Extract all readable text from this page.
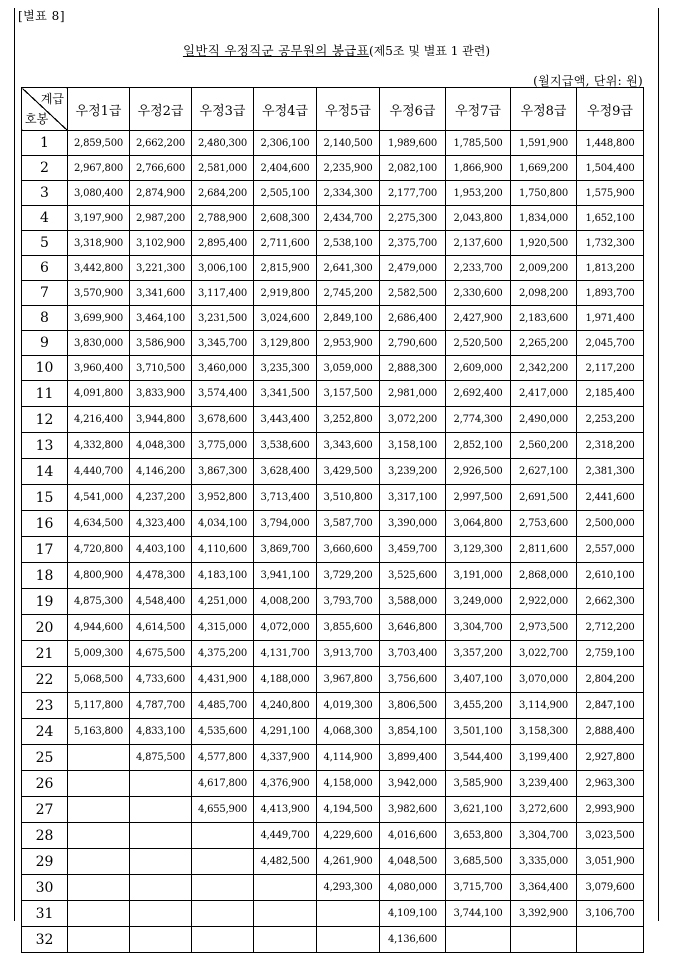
[별표 8]
일반직 우정직군 공무원의 봉급표(제5조 및 별표 1 관련)
(월지급액, 단위: 원)
계급
호봉	우정1급	우정2급	우정3급	우정4급	우정5급	우정6급	우정7급	우정8급	우정9급
1	2,859,500	2,662,200	2,480,300	2,306,100	2,140,500	1,989,600	1,785,500	1,591,900	1,448,800
2	2,967,800	2,766,600	2,581,000	2,404,600	2,235,900	2,082,100	1,866,900	1,669,200	1,504,400
3	3,080,400	2,874,900	2,684,200	2,505,100	2,334,300	2,177,700	1,953,200	1,750,800	1,575,900
4	3,197,900	2,987,200	2,788,900	2,608,300	2,434,700	2,275,300	2,043,800	1,834,000	1,652,100
5	3,318,900	3,102,900	2,895,400	2,711,600	2,538,100	2,375,700	2,137,600	1,920,500	1,732,300
6	3,442,800	3,221,300	3,006,100	2,815,900	2,641,300	2,479,000	2,233,700	2,009,200	1,813,200
7	3,570,900	3,341,600	3,117,400	2,919,800	2,745,200	2,582,500	2,330,600	2,098,200	1,893,700
8	3,699,900	3,464,100	3,231,500	3,024,600	2,849,100	2,686,400	2,427,900	2,183,600	1,971,400
9	3,830,000	3,586,900	3,345,700	3,129,800	2,953,900	2,790,600	2,520,500	2,265,200	2,045,700
10	3,960,400	3,710,500	3,460,000	3,235,300	3,059,000	2,888,300	2,609,000	2,342,200	2,117,200
11	4,091,800	3,833,900	3,574,400	3,341,500	3,157,500	2,981,000	2,692,400	2,417,000	2,185,400
12	4,216,400	3,944,800	3,678,600	3,443,400	3,252,800	3,072,200	2,774,300	2,490,000	2,253,200
13	4,332,800	4,048,300	3,775,000	3,538,600	3,343,600	3,158,100	2,852,100	2,560,200	2,318,200
14	4,440,700	4,146,200	3,867,300	3,628,400	3,429,500	3,239,200	2,926,500	2,627,100	2,381,300
15	4,541,000	4,237,200	3,952,800	3,713,400	3,510,800	3,317,100	2,997,500	2,691,500	2,441,600
16	4,634,500	4,323,400	4,034,100	3,794,000	3,587,700	3,390,000	3,064,800	2,753,600	2,500,000
17	4,720,800	4,403,100	4,110,600	3,869,700	3,660,600	3,459,700	3,129,300	2,811,600	2,557,000
18	4,800,900	4,478,300	4,183,100	3,941,100	3,729,200	3,525,600	3,191,000	2,868,000	2,610,100
19	4,875,300	4,548,400	4,251,000	4,008,200	3,793,700	3,588,000	3,249,000	2,922,000	2,662,300
20	4,944,600	4,614,500	4,315,000	4,072,000	3,855,600	3,646,800	3,304,700	2,973,500	2,712,200
21	5,009,300	4,675,500	4,375,200	4,131,700	3,913,700	3,703,400	3,357,200	3,022,700	2,759,100
22	5,068,500	4,733,600	4,431,900	4,188,000	3,967,800	3,756,600	3,407,100	3,070,000	2,804,200
23	5,117,800	4,787,700	4,485,700	4,240,800	4,019,300	3,806,500	3,455,200	3,114,900	2,847,100
24	5,163,800	4,833,100	4,535,600	4,291,100	4,068,300	3,854,100	3,501,100	3,158,300	2,888,400
25		4,875,500	4,577,800	4,337,900	4,114,900	3,899,400	3,544,400	3,199,400	2,927,800
26			4,617,800	4,376,900	4,158,000	3,942,000	3,585,900	3,239,400	2,963,300
27			4,655,900	4,413,900	4,194,500	3,982,600	3,621,100	3,272,600	2,993,900
28				4,449,700	4,229,600	4,016,600	3,653,800	3,304,700	3,023,500
29				4,482,500	4,261,900	4,048,500	3,685,500	3,335,000	3,051,900
30					4,293,300	4,080,000	3,715,700	3,364,400	3,079,600
31						4,109,100	3,744,100	3,392,900	3,106,700
32						4,136,600			
